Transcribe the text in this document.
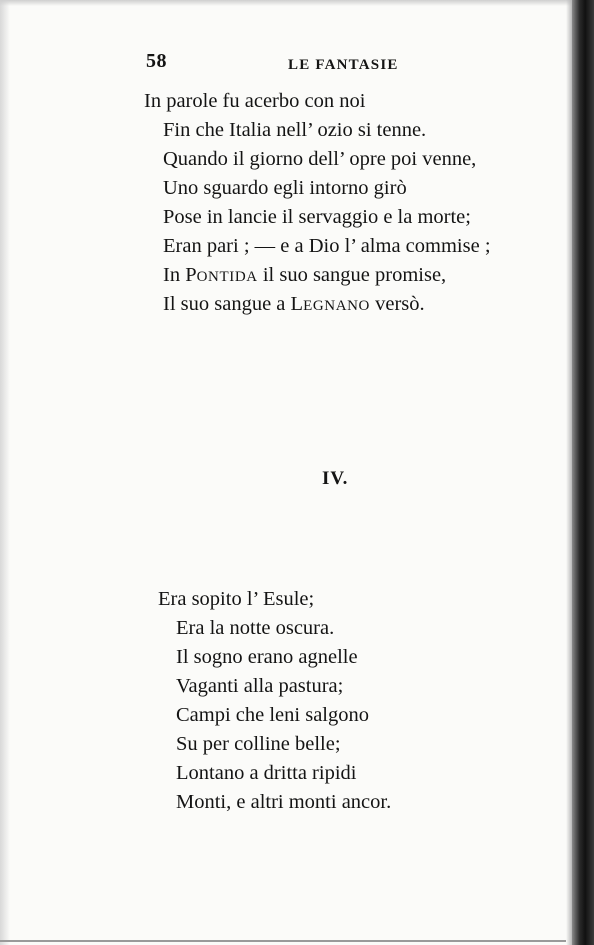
58	LE FANTASIE
In parole fu acerbo con noi
Fin che Italia nell’ ozio si tenne.
Quando il giorno dell’ opre poi venne,
Uno sguardo egli intorno girò
Pose in lancie il servaggio e la morte;
Eran pari ; — e a Dio l’ alma commise ;
In PONTIDA il suo sangue promise,
Il suo sangue a LEGNANO versò.
IV.
Era sopito l’ Esule;
Era la notte oscura.
Il sogno erano agnelle
Vaganti alla pastura;
Campi che leni salgono
Su per colline belle;
Lontano a dritta ripidi
Monti, e altri monti ancor.
